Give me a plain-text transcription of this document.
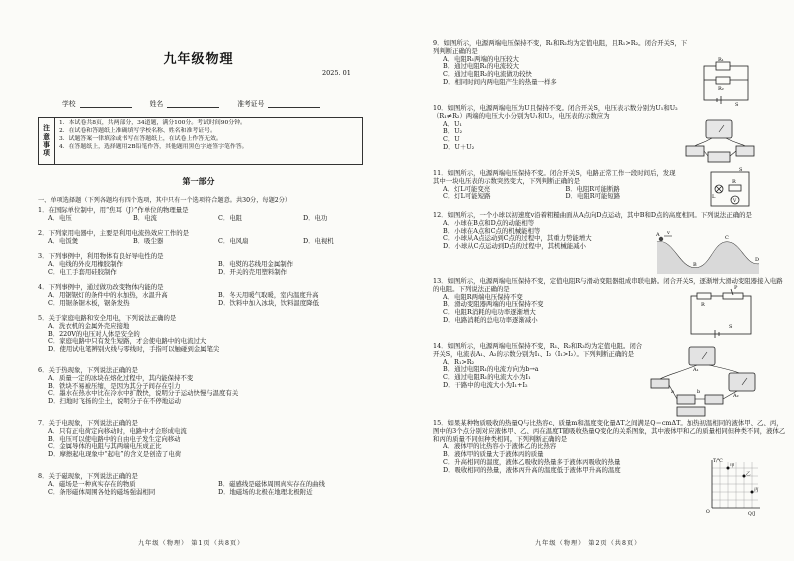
九年级物理
2025. 01
学校	姓名	准考证号
注
意
事
项
1．本试卷共8页，共两部分，34道题，满分100分。考试时间90分钟。
2．在试卷和答题纸上准确填写学校名称、姓名和准考证号。
3．试题答案一律填涂或书写在答题纸上，在试卷上作答无效。
4．在答题纸上，选择题用2B铅笔作答，其他题用黑色字迹签字笔作答。
第一部分
一、单项选择题（下列各题均有四个选项，其中只有一个选项符合题意。共30分，每题2分）
1．在国际单位制中，用“焦耳（J）”作单位的物理量是
A．电压	B．电流	C．电阻	D．电功
2．下列家用电器中，主要是利用电流热效应工作的是
A．电饭煲	B．吸尘器	C．电风扇	D．电视机
3．下列事例中，利用物体有良好导电性的是
A．电线的外皮用橡胶制作	B．电熨的芯线用金属制作
C．电工手套用硅胶制作	D．开关的壳用塑料制作
4．下列事例中，通过做功改变物体内能的是
A．用锯锯灯的条件中的水加热，水温升高	B．冬天用暖气取暖，室内温度升高
C．用锯条锯木板，锯条发热	D．饮料中加入冰块，饮料温度降低
5．关于家庭电路和安全用电，下列说法正确的是
A．洗衣机的金属外壳应接地
B．220V的电压对人体是安全的
C．家庭电路中只有发生短路，才会使电路中的电流过大
D．使用试电笔辨别火线与零线时，手指可以触碰到金属笔尖
6．关于热现象，下列说法正确的是
A．质量一定的冰块在熔化过程中，其内能保持不变
B．铁块不易被压缩，是因为其分子间存在引力
C．墨水在热水中比在冷水中扩散快，说明分子运动快慢与温度有关
D．扫地时飞扬的尘土，说明分子在不停地运动
7．关于电现象，下列说法正确的是
A．只有正电荷定向移动时，电路中才会形成电流
B．电压可以使电路中的自由电子发生定向移动
C．金属导体的电阻与其两端电压成正比
D．摩擦起电现象中“起电”的含义是创造了电荷
8．关于磁现象，下列说法正确的是
A．磁场是一种真实存在的物质	B．磁感线是磁体周围真实存在的曲线
C．条形磁体周围各处的磁场强弱相同	D．地磁场的北极在地理北极附近
九年级（物理） 第1页（共8页）
9．如图所示，电源两端电压保持不变，R₁和R₂均为定值电阻，且R₁>R₂。闭合开关S，下列判断正确的是
A．电阻R₁两端的电压较大
B．通过电阻R₁的电流较大
C．通过电阻R₂的电流做功较快
D．相同时间内两电阻产生的热量一样多
R₁
R₂
S
10．如图所示，电源两端电压为U且保持不变。闭合开关S，电压表示数分别为U₁和U₂（R₁≠R₂）两端的电压大小分别为U₁和U₂，电压表的示数应为
A．U₁
B．U₂
C．U
D．U＋U₂
11．如图所示，电源两端电压保持不变。闭合开关S，电路正常工作一段时间后，发现其中一块电压表的示数突然变大，下列判断正确的是
A．灯L可能变亮	B．电阻R可能断路
C．灯L可能短路	D．电阻R可能短路	L
R
S
V
12．如图所示，一个小球以初速度v沿着粗糙曲面从A点向D点运动，其中B和D点的高度相同。下列说法正确的是
A．小球在B点和D点的动能相等
B．小球在A点和C点的机械能相等
C．小球从A点运动到C点的过程中，其重力势能增大
D．小球从C点运动到D点的过程中，其机械能减小
A
B
C
D
v
13．如图所示，电源两端电压保持不变，定值电阻R与滑动变阻器组成串联电路。闭合开关S，逐渐增大滑动变阻器接入电路的电阻。下列说法正确的是
A．电阻R两端电压保持不变
B．滑动变阻器两端的电压保持不变
C．电阻R消耗的电功率逐渐增大
D．电路消耗的总电功率逐渐减小
R
P
S
14．如图所示，电源两端电压保持不变，R₁、R₂和R₃均为定值电阻。闭合开关S，电流表A₁、A₂的示数分别为I₁、I₂（I₁>I₂）。下列判断正确的是
A．R₁>R₂
B．通过电阻R₁的电流方向为b→a
C．通过电阻R₁的电流大小为I₁
D．干路中的电流大小为I₁+I₂
A₁
A₂
a	b
15．如果某种物质吸收的热量Q与比热容c、质量m和温度变化量ΔT之间满足Q＝cmΔT。加热初温相同的液体甲、乙、丙，图中的3个点分别对应液体甲、乙、丙在温度T随吸收热量Q变化的关系图象，其中液体甲和乙的质量相同但种类不同，液体乙和丙的质量不同但种类相同。下列判断正确的是
A．液体甲的比热容小于液体乙的比热容
B．液体甲的质量大于液体丙的质量
C．升高相同的温度，液体乙吸收的热量多于液体丙吸收的热量
D．吸收相同的热量，液体丙升高的温度低于液体甲升高的温度
T/℃
Q/J
甲
乙
丙
O
九年级（物理） 第2页（共8页）
